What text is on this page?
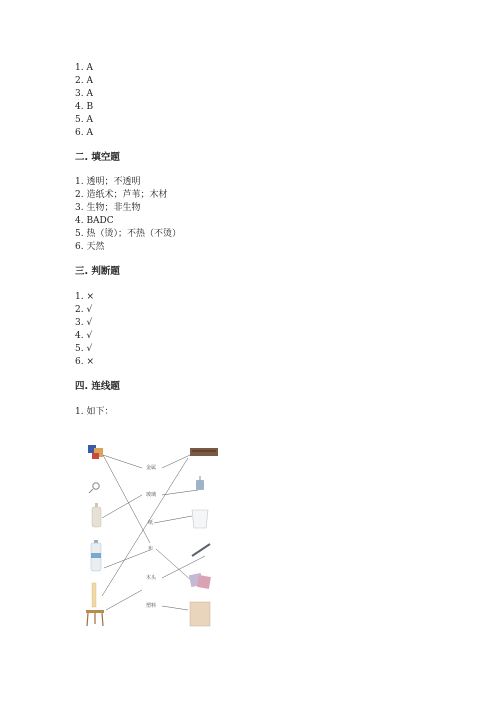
1. A
2. A
3. A
4. B
5. A
6. A
二. 填空题
1. 透明；不透明
2. 造纸术；芦苇；木材
3. 生物；非生物
4. BADC
5. 热（烫）；不热（不烫）
6. 天然
三. 判断题
1. ×
2. √
3. √
4. √
5. √
6. ×
四. 连线题
1. 如下：
金属
玻璃
纸
布
木头
塑料
